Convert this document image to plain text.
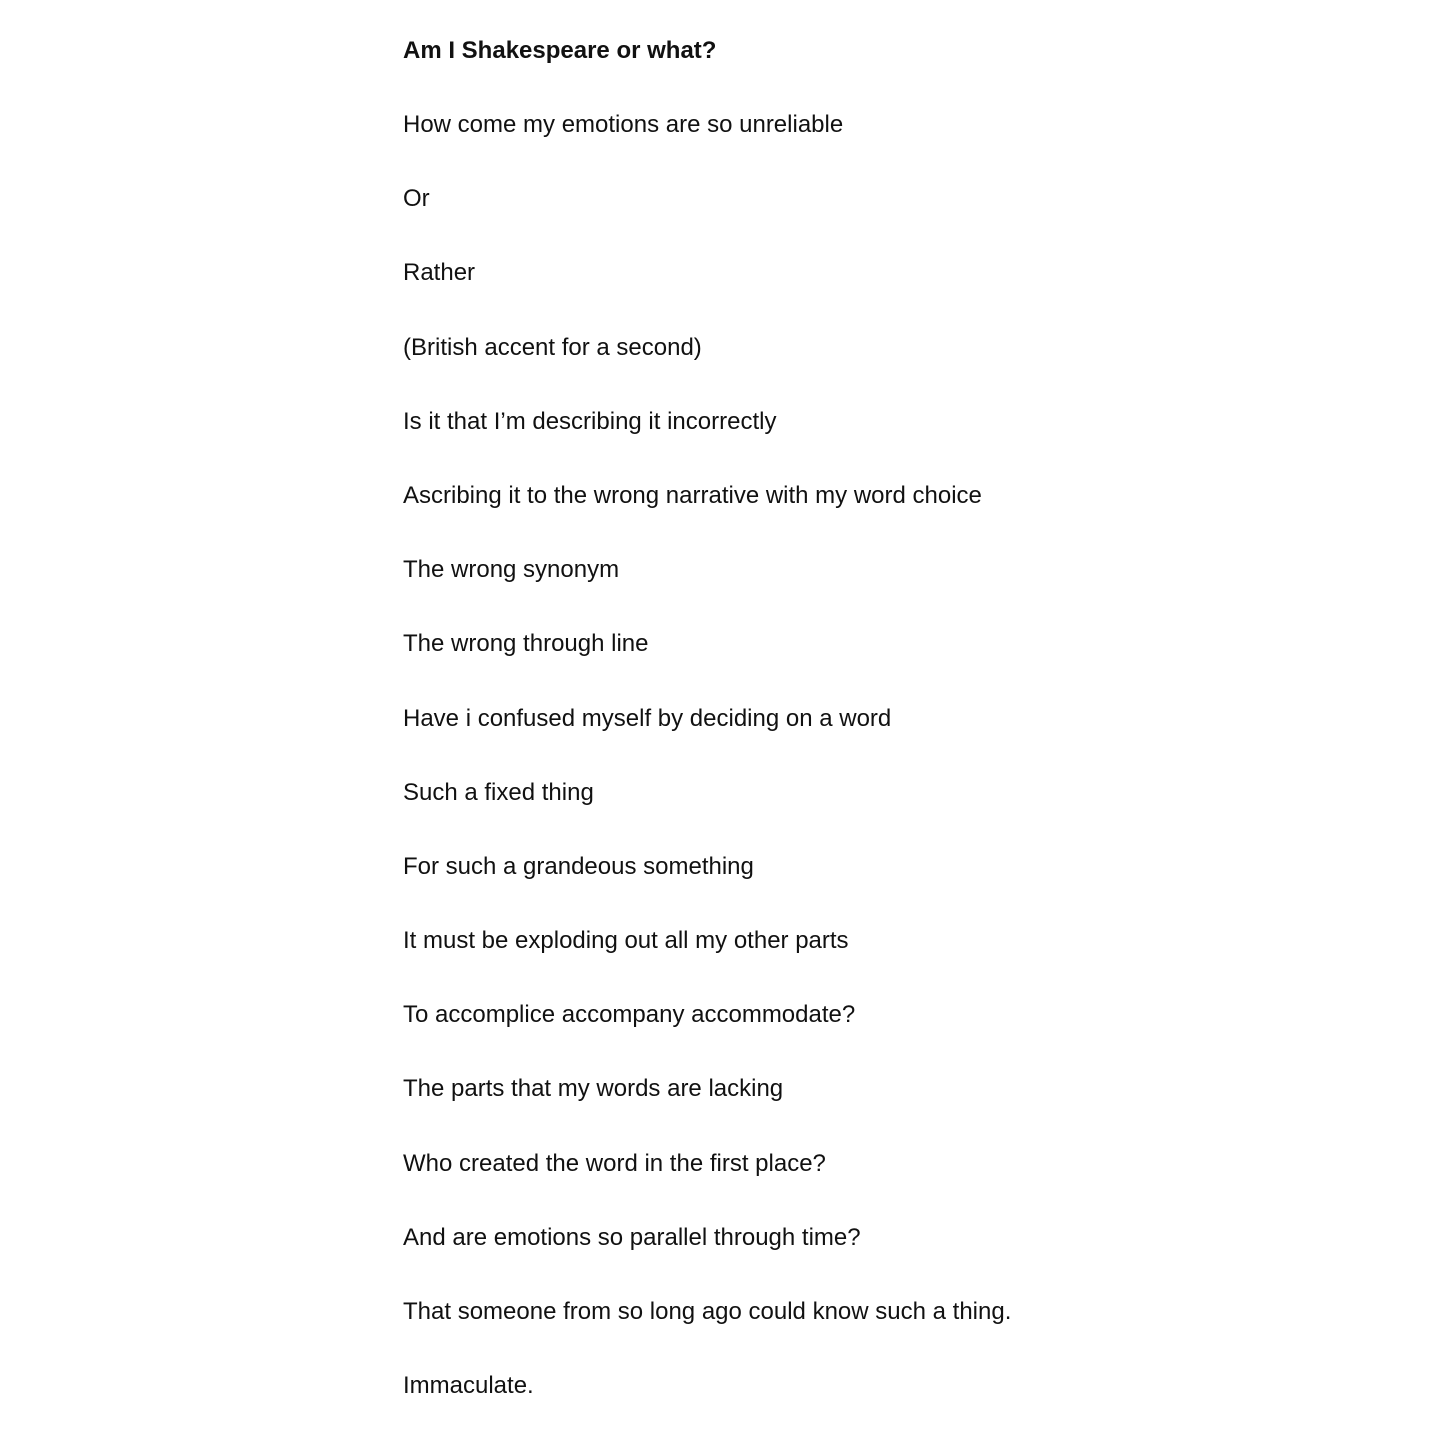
Am I Shakespeare or what?
How come my emotions are so unreliable
Or
Rather
(British accent for a second)
Is it that I’m describing it incorrectly
Ascribing it to the wrong narrative with my word choice
The wrong synonym
The wrong through line
Have i confused myself by deciding on a word
Such a fixed thing
For such a grandeous something
It must be exploding out all my other parts
To accomplice accompany accommodate?
The parts that my words are lacking
Who created the word in the first place?
And are emotions so parallel through time?
That someone from so long ago could know such a thing.
Immaculate.
